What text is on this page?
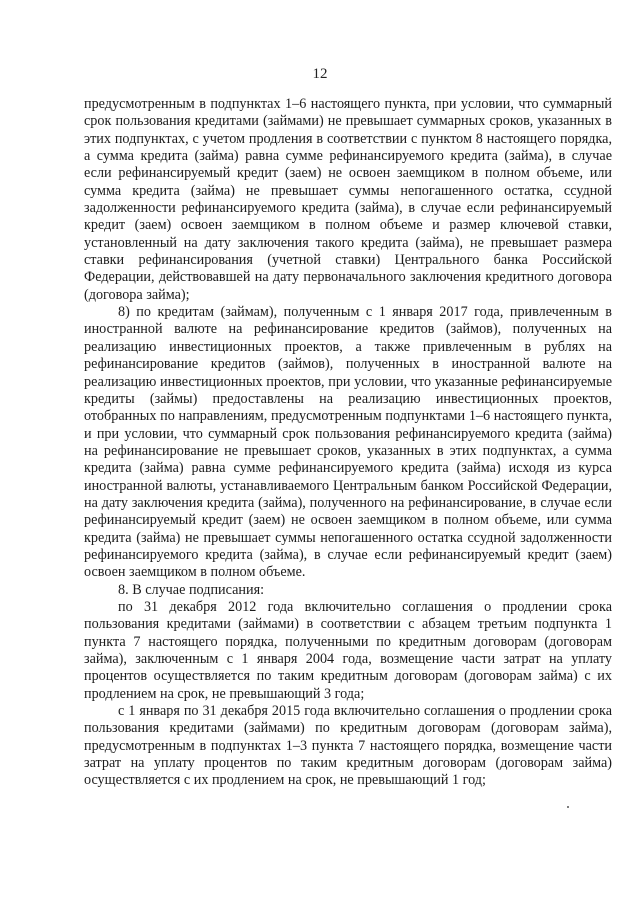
12

предусмотренным в подпунктах 1–6 настоящего пункта, при условии, что суммарный срок пользования кредитами (займами) не превышает суммарных сроков, указанных в этих подпунктах, с учетом продления в соответствии с пунктом 8 настоящего порядка, а сумма кредита (займа) равна сумме рефинансируемого кредита (займа), в случае если рефинансируемый кредит (заем) не освоен заемщиком в полном объеме, или сумма кредита (займа) не превышает суммы непогашенного остатка, ссудной задолженности рефинансируемого кредита (займа), в случае если рефинансируемый кредит (заем) освоен заемщиком в полном объеме и размер ключевой ставки, установленный на дату заключения такого кредита (займа), не превышает размера ставки рефинансирования (учетной ставки) Центрального банка Российской Федерации, действовавшей на дату первоначального заключения кредитного договора (договора займа);

8) по кредитам (займам), полученным с 1 января 2017 года, привлеченным в иностранной валюте на рефинансирование кредитов (займов), полученных на реализацию инвестиционных проектов, а также привлеченным в рублях на рефинансирование кредитов (займов), полученных в иностранной валюте на реализацию инвестиционных проектов, при условии, что указанные рефинансируемые кредиты (займы) предоставлены на реализацию инвестиционных проектов, отобранных по направлениям, предусмотренным подпунктами 1–6 настоящего пункта, и при условии, что суммарный срок пользования рефинансируемого кредита (займа) на рефинансирование не превышает сроков, указанных в этих подпунктах, а сумма кредита (займа) равна сумме рефинансируемого кредита (займа) исходя из курса иностранной валюты, устанавливаемого Центральным банком Российской Федерации, на дату заключения кредита (займа), полученного на рефинансирование, в случае если рефинансируемый кредит (заем) не освоен заемщиком в полном объеме, или сумма кредита (займа) не превышает суммы непогашенного остатка ссудной задолженности рефинансируемого кредита (займа), в случае если рефинансируемый кредит (заем) освоен заемщиком в полном объеме.

8. В случае подписания:

по 31 декабря 2012 года включительно соглашения о продлении срока пользования кредитами (займами) в соответствии с абзацем третьим подпункта 1 пункта 7 настоящего порядка, полученными по кредитным договорам (договорам займа), заключенным с 1 января 2004 года, возмещение части затрат на уплату процентов осуществляется по таким кредитным договорам (договорам займа) с их продлением на срок, не превышающий 3 года;

с 1 января по 31 декабря 2015 года включительно соглашения о продлении срока пользования кредитами (займами) по кредитным договорам (договорам займа), предусмотренным в подпунктах 1–3 пункта 7 настоящего порядка, возмещение части затрат на уплату процентов по таким кредитным договорам (договорам займа) осуществляется с их продлением на срок, не превышающий 1 год;
